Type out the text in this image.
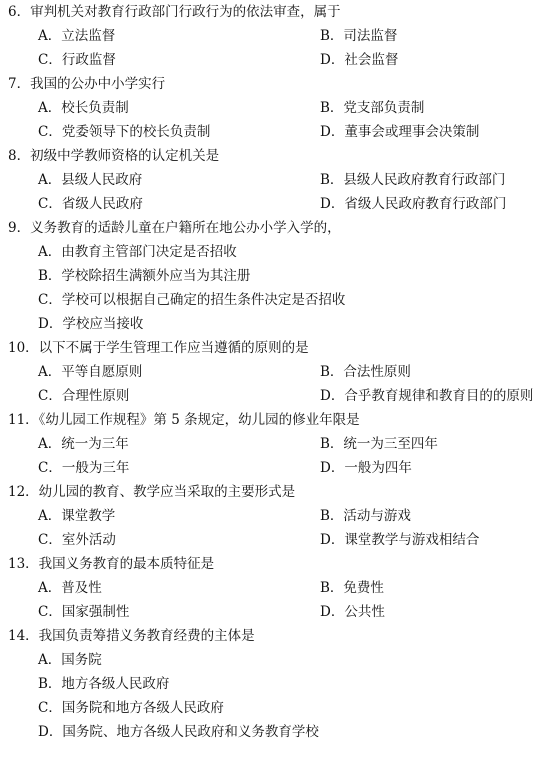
6．审判机关对教育行政部门行政行为的依法审查，属于
A．立法监督	B．司法监督
C．行政监督	D．社会监督
7．我国的公办中小学实行
A．校长负责制	B．党支部负责制
C．党委领导下的校长负责制	D．董事会或理事会决策制
8．初级中学教师资格的认定机关是
A．县级人民政府	B．县级人民政府教育行政部门
C．省级人民政府	D．省级人民政府教育行政部门
9．义务教育的适龄儿童在户籍所在地公办小学入学的，
A．由教育主管部门决定是否招收
B．学校除招生满额外应当为其注册
C．学校可以根据自己确定的招生条件决定是否招收
D．学校应当接收
10．以下不属于学生管理工作应当遵循的原则的是
A．平等自愿原则	B．合法性原则
C．合理性原则	D．合乎教育规律和教育目的的原则
11．《幼儿园工作规程》第 5 条规定，幼儿园的修业年限是
A．统一为三年	B．统一为三至四年
C．一般为三年	D．一般为四年
12．幼儿园的教育、教学应当采取的主要形式是
A．课堂教学	B．活动与游戏
C．室外活动	D．课堂教学与游戏相结合
13．我国义务教育的最本质特征是
A．普及性	B．免费性
C．国家强制性	D．公共性
14．我国负责筹措义务教育经费的主体是
A．国务院
B．地方各级人民政府
C．国务院和地方各级人民政府
D．国务院、地方各级人民政府和义务教育学校
